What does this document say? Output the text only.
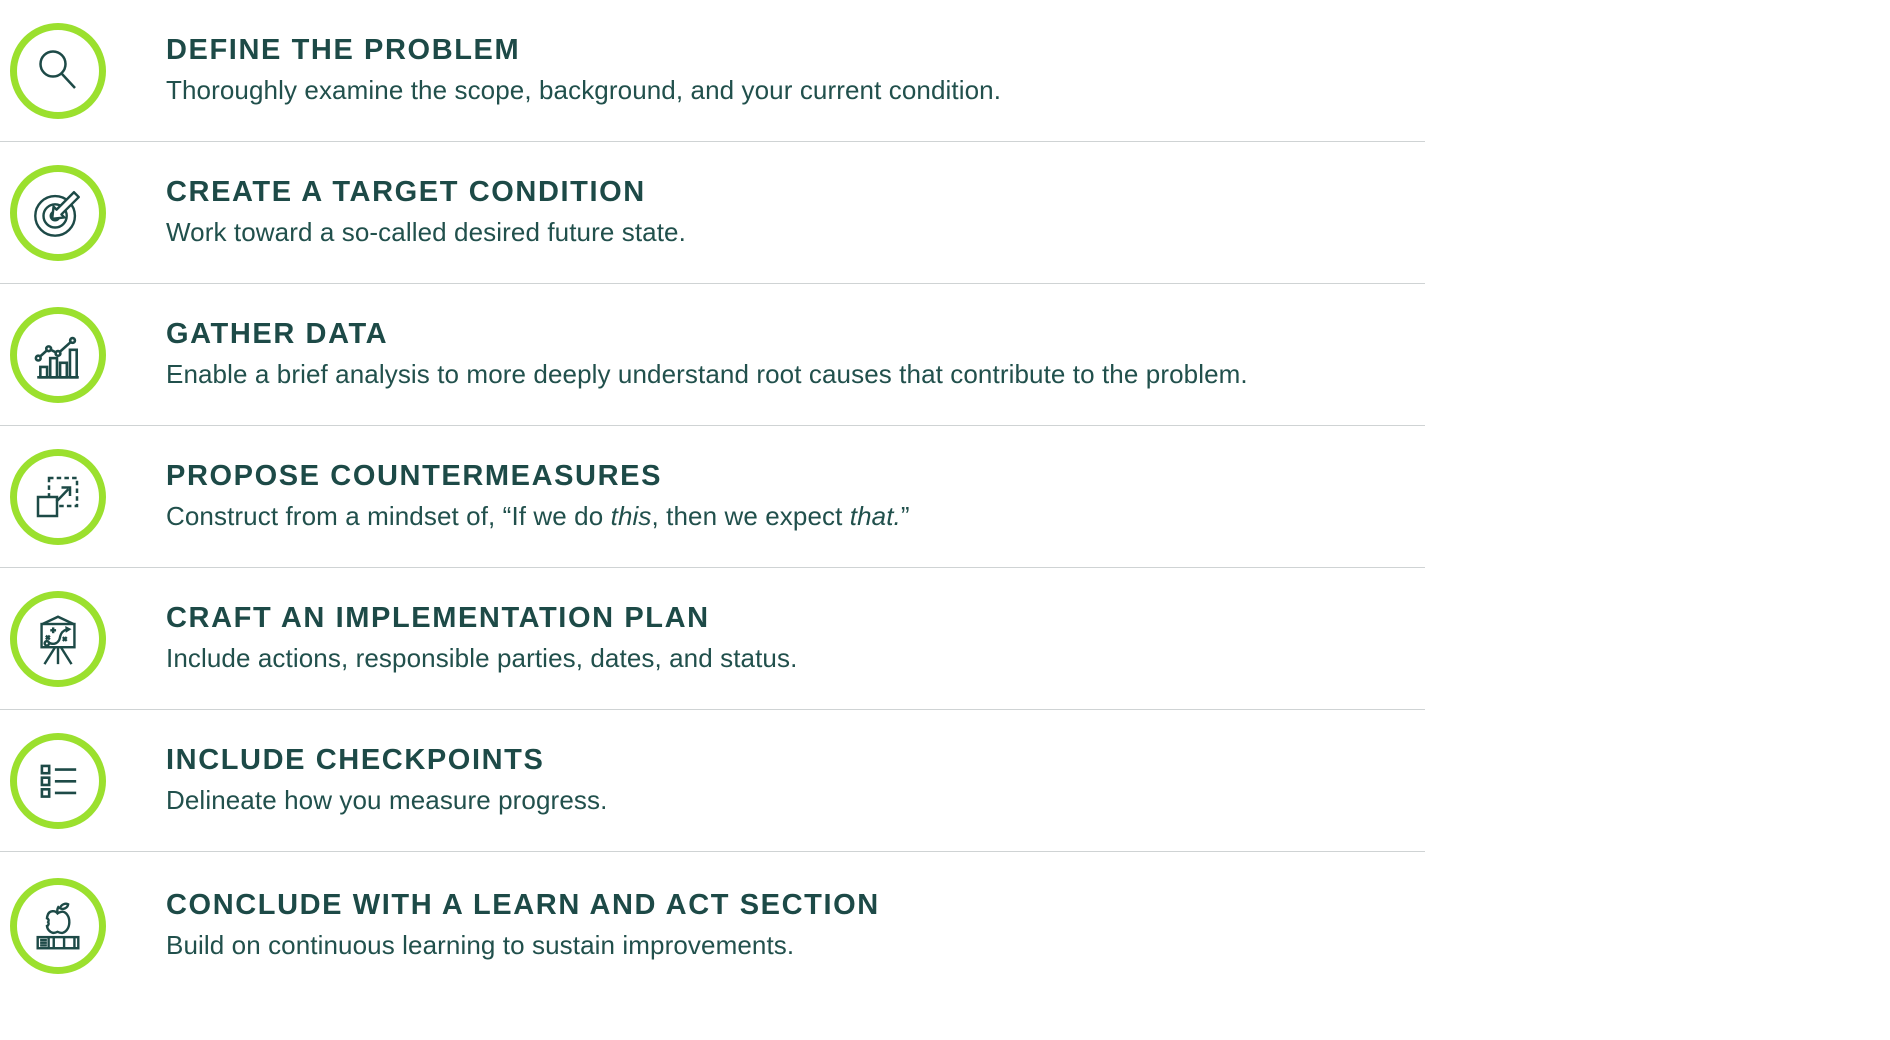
DEFINE THE PROBLEM
Thoroughly examine the scope, background, and your current condition.
CREATE A TARGET CONDITION
Work toward a so-called desired future state.
GATHER DATA
Enable a brief analysis to more deeply understand root causes that contribute to the problem.
PROPOSE COUNTERMEASURES
Construct from a mindset of, “If we do this, then we expect that.”
CRAFT AN IMPLEMENTATION PLAN
Include actions, responsible parties, dates, and status.
INCLUDE CHECKPOINTS
Delineate how you measure progress.
CONCLUDE WITH A LEARN AND ACT SECTION
Build on continuous learning to sustain improvements.
